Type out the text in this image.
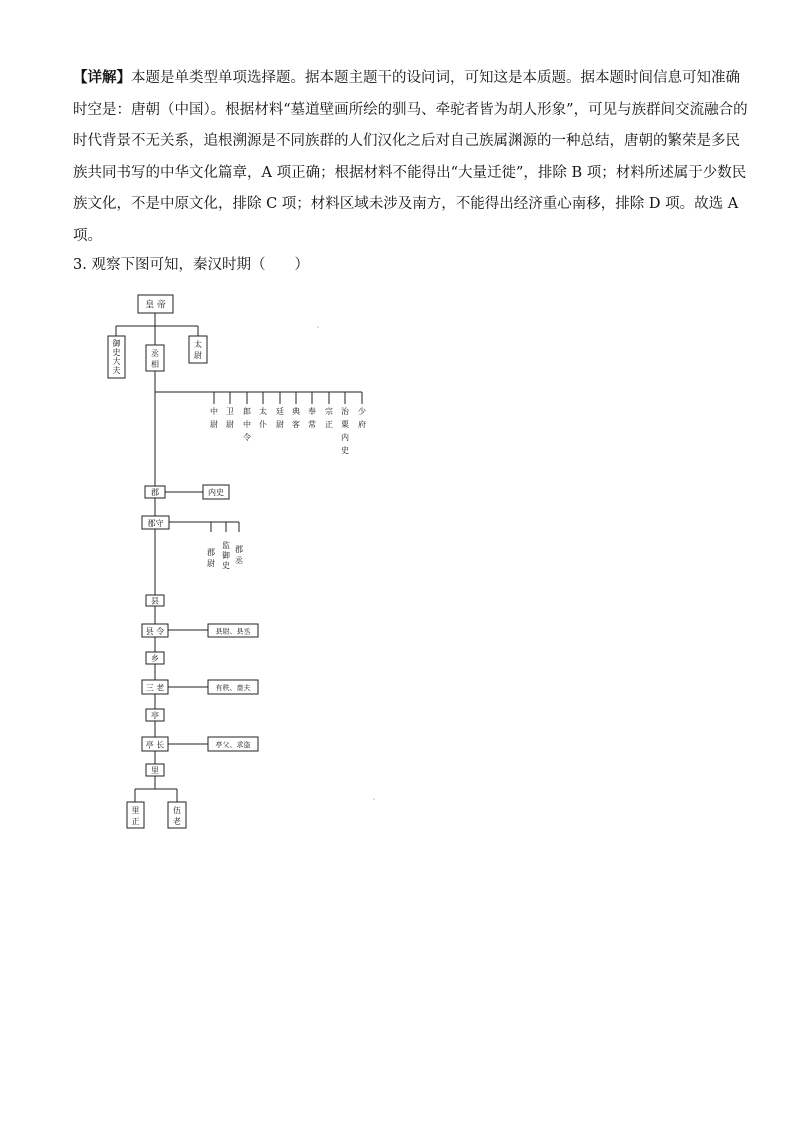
【详解】本题是单类型单项选择题。据本题主题干的设问词，可知这是本质题。据本题时间信息可知准确
时空是：唐朝（中国）。根据材料“墓道壁画所绘的驯马、牵驼者皆为胡人形象”，可见与族群间交流融合的
时代背景不无关系，追根溯源是不同族群的人们汉化之后对自己族属渊源的一种总结，唐朝的繁荣是多民
族共同书写的中华文化篇章，A 项正确；根据材料不能得出“大量迁徙”，排除 B 项；材料所述属于少数民
族文化，不是中原文化，排除 C 项；材料区域未涉及南方，不能得出经济重心南移，排除 D 项。故选 A
项。
3. 观察下图可知，秦汉时期（　　）
皇 帝
御
史
大
夫
丞
相
太
尉
中
尉
卫
尉
郎
中
令
太
仆
廷
尉
典
客
奉
常
宗
正
治
粟
内
史
少
府
郡	内史
郡守
郡
尉
监
御
史
郡
丞
县
县 令	县尉、县丞
乡
三 老	有秩、啬夫
亭
亭 长	亭父、求盗
里
里
正
伍
老
